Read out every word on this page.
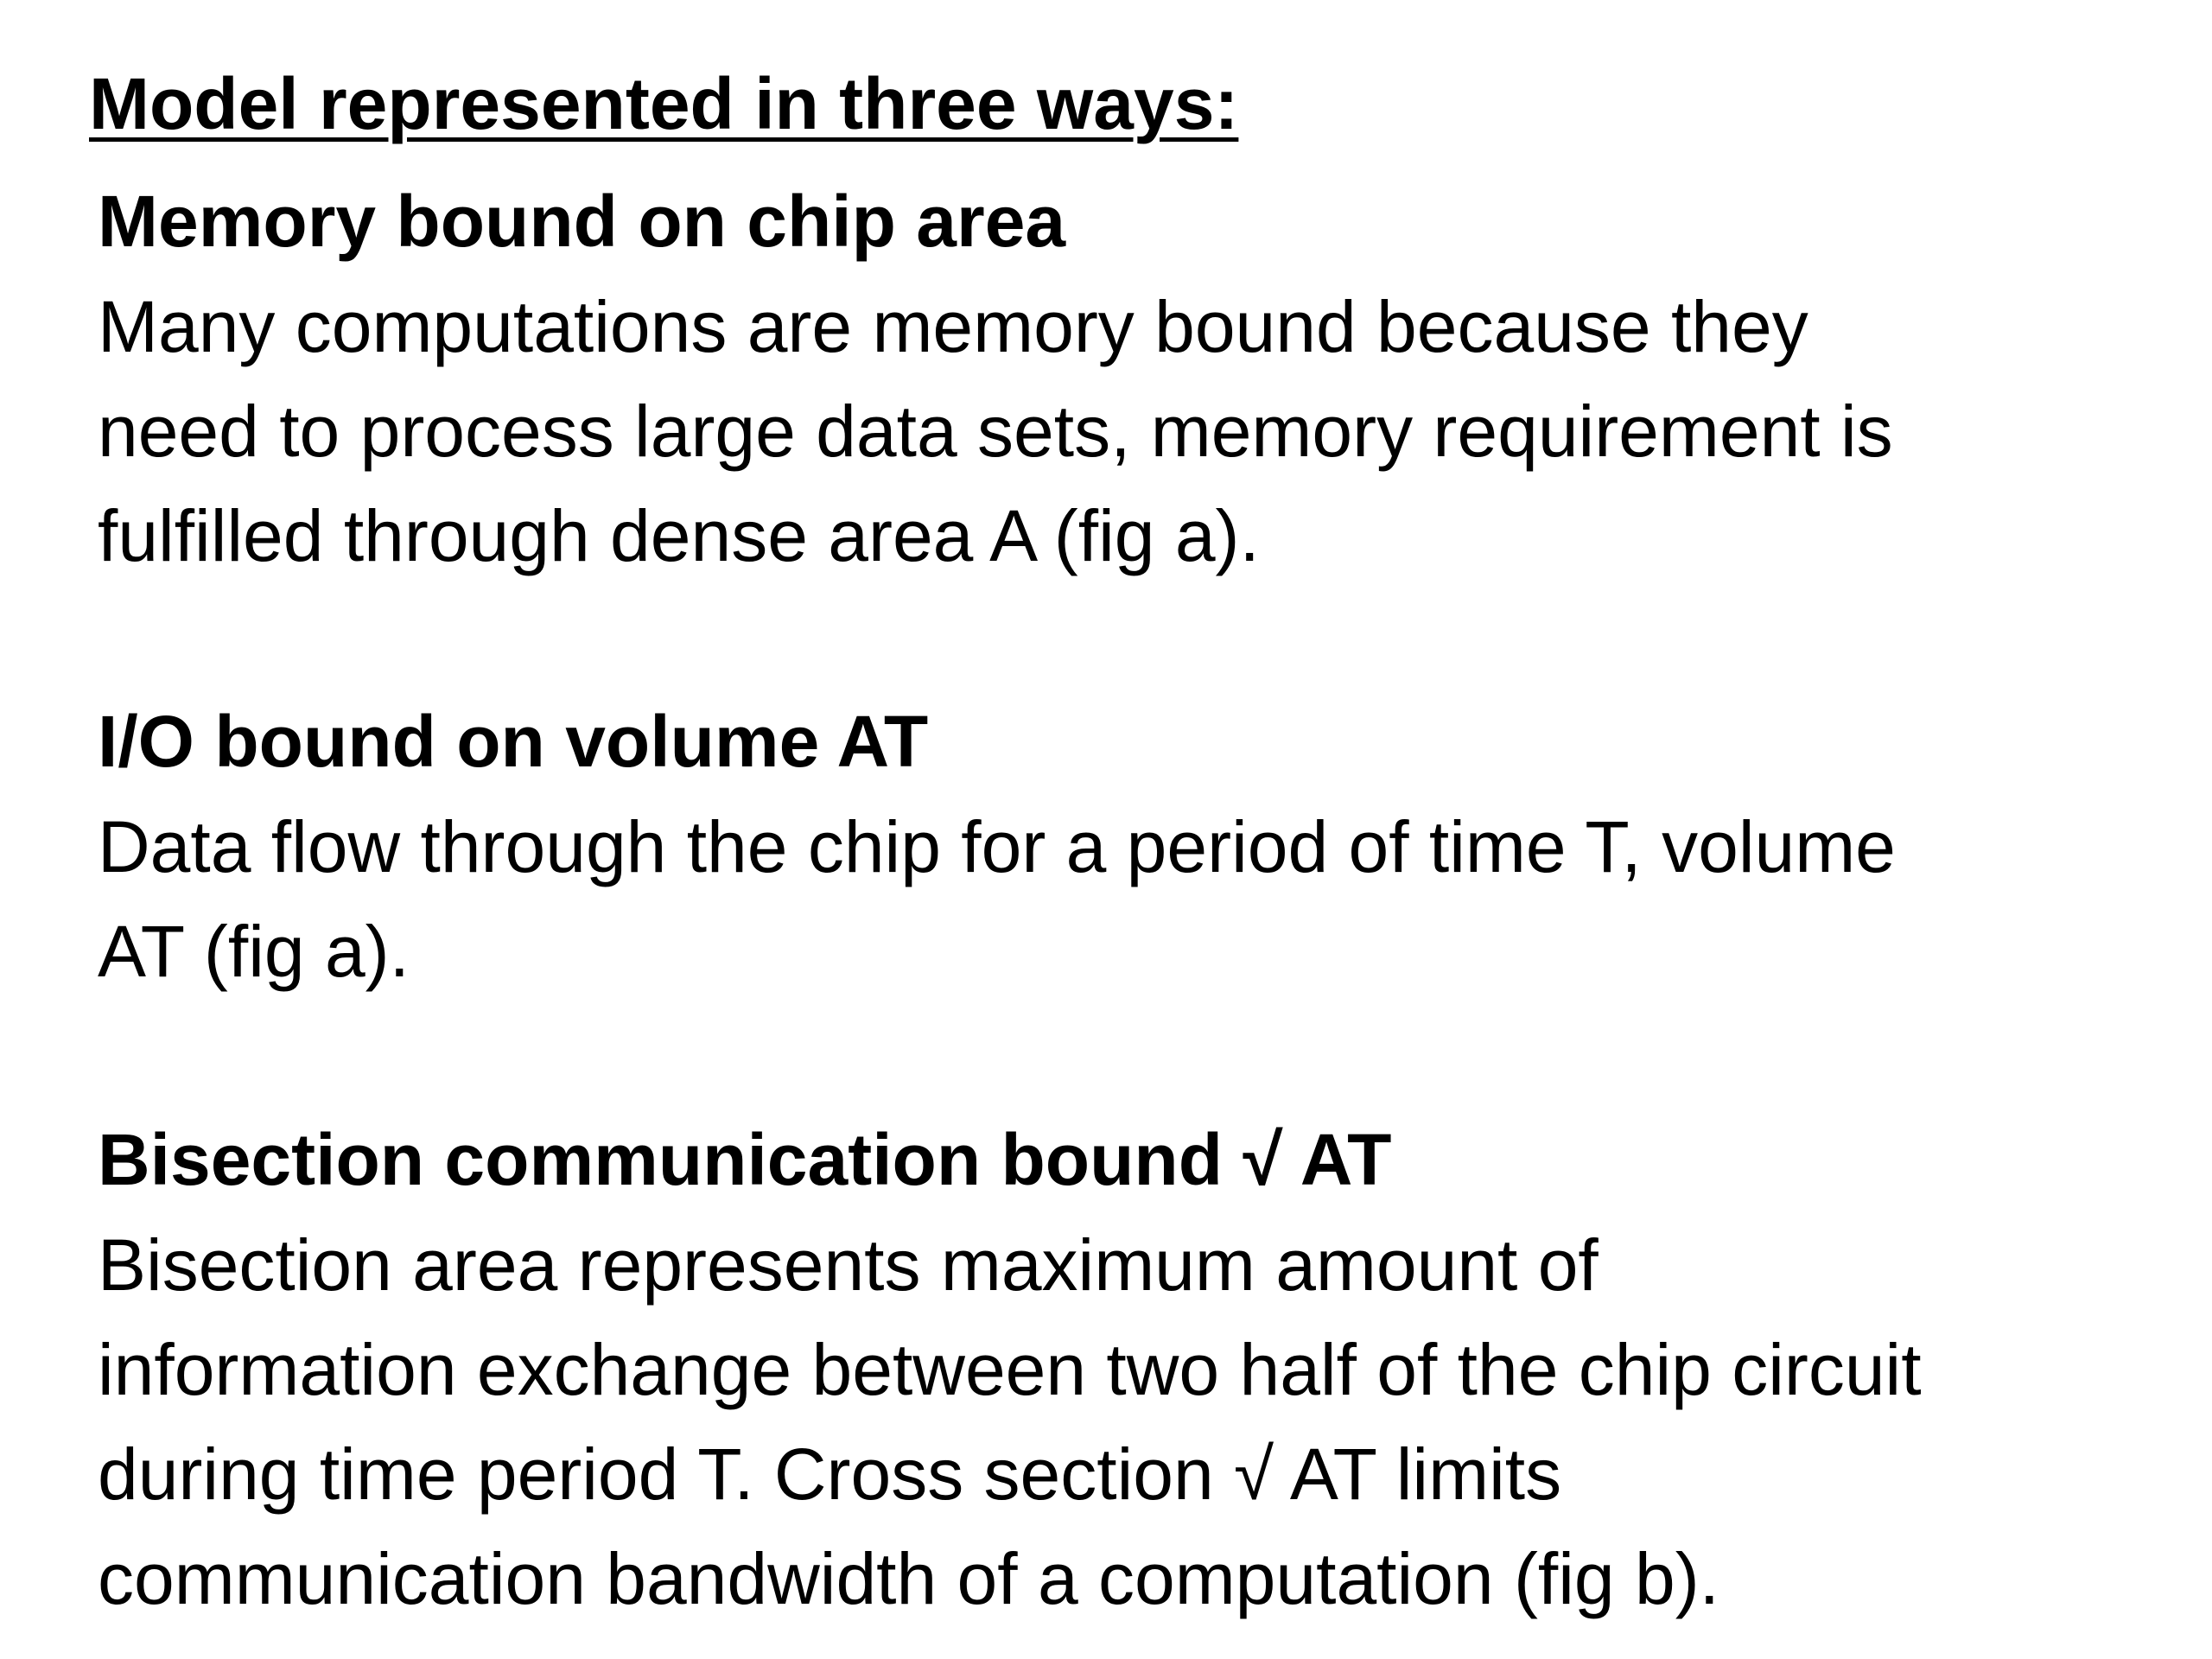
Model represented in three ways:
Memory bound on chip area
Many computations are memory bound because they
need to process large data sets, memory requirement is
fulfilled through dense area A (fig a).
I/O bound on volume AT
Data flow through the chip for a period of time T, volume
AT (fig a).
Bisection communication bound √ AT
Bisection area represents maximum amount of
information exchange between two half of the chip circuit
during time period T. Cross section √ AT limits
communication bandwidth of a computation (fig b).
